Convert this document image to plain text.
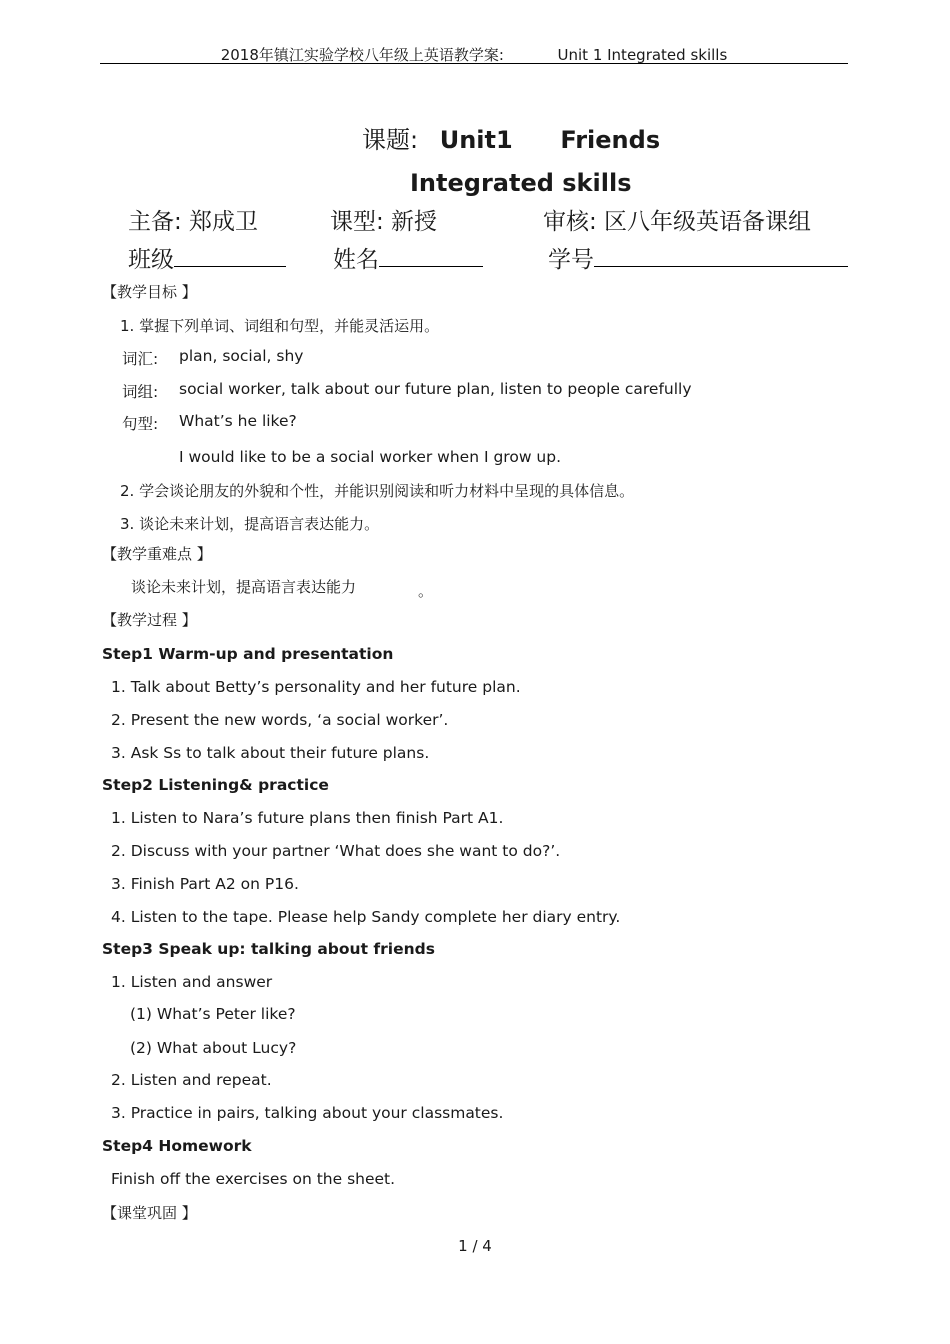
2018年镇江实验学校八年级上英语教学案:	Unit 1 Integrated skills
课题: Unit1 Friends
Integrated skills
主备: 郑成卫	课型: 新授	审核: 区八年级英语备课组
班级	姓名	学号
【教学目标 】
1. 掌握下列单词、词组和句型，并能灵活运用。
词汇: plan, social, shy
词组: social worker, talk about our future plan, listen to people carefully
句型: What’s he like?
I would like to be a social worker when I grow up.
2. 学会谈论朋友的外貌和个性，并能识别阅读和听力材料中呈现的具体信息。
3. 谈论未来计划，提高语言表达能力。
【教学重难点 】
谈论未来计划，提高语言表达能力	。
【教学过程 】
Step1 Warm-up and presentation
1. Talk about Betty’s personality and her future plan.
2. Present the new words, ‘a social worker’.
3. Ask Ss to talk about their future plans.
Step2 Listening& practice
1. Listen to Nara’s future plans then finish Part A1.
2. Discuss with your partner ‘What does she want to do?’.
3. Finish Part A2 on P16.
4. Listen to the tape. Please help Sandy complete her diary entry.
Step3 Speak up: talking about friends
1. Listen and answer
(1) What’s Peter like?
(2) What about Lucy?
2. Listen and repeat.
3. Practice in pairs, talking about your classmates.
Step4 Homework
Finish off the exercises on the sheet.
【课堂巩固 】
1 / 4
